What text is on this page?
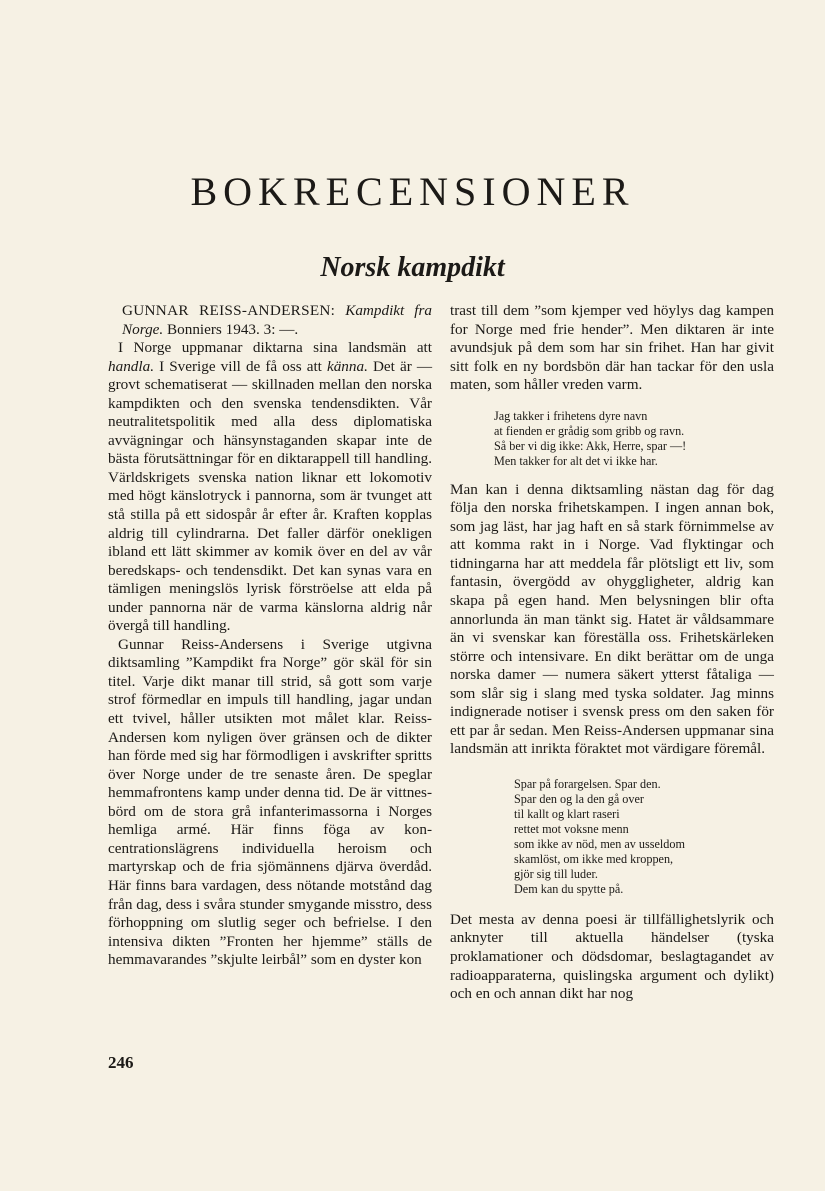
BOKRECENSIONER
Norsk kampdikt

GUNNAR REISS-ANDERSEN: Kampdikt fra Norge. Bonniers 1943. 3: —.

I Norge uppmanar diktarna sina landsmän att handla. I Sverige vill de få oss att känna. Det är — grovt schematiserat — skillnaden mellan den norska kampdikten och den svenska tendensdikten. Vår neutralitetspolitik med alla dess diplomatiska avvägningar och hänsynstaganden skapar inte de bästa förutsättningar för en diktarappell till handling. Världskrigets svenska nation liknar ett lokomotiv med högt känslotryck i pannorna, som är tvunget att stå stilla på ett sidospår år efter år. Kraften kopplas aldrig till cylindrarna. Det faller därför onekligen ibland ett lätt skimmer av komik över en del av vår beredskaps- och tendensdikt. Det kan synas vara en tämligen meningslös lyrisk förströelse att elda på under pannorna när de varma känslorna aldrig når övergå till handling.

Gunnar Reiss-Andersens i Sverige utgivna diktsamling ”Kampdikt fra Norge” gör skäl för sin titel. Varje dikt manar till strid, så gott som varje strof förmedlar en impuls till handling, jagar undan ett tvivel, håller utsikten mot målet klar. Reiss-Andersen kom nyligen över gränsen och de dikter han förde med sig har förmodligen i avskrifter spritts över Norge under de tre senaste åren. De speglar hemmafrontens kamp under denna tid. De är vittnesbörd om de stora grå infanterimassorna i Norges hemliga armé. Här finns föga av koncentrationslägrens individuella heroism och martyrskap och de fria sjömännens djärva överdåd. Här finns bara vardagen, dess nötande motstånd dag från dag, dess i svåra stunder smygande misstro, dess förhoppning om slutlig seger och befrielse. I den intensiva dikten ”Fronten her hjemme” ställs de hemmavarandes ”skjulte leirbål” som en dyster kon

trast till dem ”som kjemper ved höylys dag kampen for Norge med frie hender”. Men diktaren är inte avundsjuk på dem som har sin frihet. Han har givit sitt folk en ny bordsbön där han tackar för den usla maten, som håller vreden varm.

Jag takker i frihetens dyre navn
at fienden er grådig som gribb og ravn.
Så ber vi dig ikke: Akk, Herre, spar —!
Men takker for alt det vi ikke har.

Man kan i denna diktsamling nästan dag för dag följa den norska frihetskampen. I ingen annan bok, som jag läst, har jag haft en så stark förnimmelse av att komma rakt in i Norge. Vad flyktingar och tidningarna har att meddela får plötsligt ett liv, som fantasin, övergödd av ohyggligheter, aldrig kan skapa på egen hand. Men belysningen blir ofta annorlunda än man tänkt sig. Hatet är våldsammare än vi svenskar kan föreställa oss. Frihetskärleken större och intensivare. En dikt berättar om de unga norska damer — numera säkert ytterst fåtaliga — som slår sig i slang med tyska soldater. Jag minns indignerade notiser i svensk press om den saken för ett par år sedan. Men Reiss-Andersen uppmanar sina landsmän att inrikta föraktet mot värdigare föremål.

Spar på forargelsen. Spar den.
Spar den og la den gå over
til kallt og klart raseri
rettet mot voksne menn
som ikke av nöd, men av usseldom
skamlöst, om ikke med kroppen,
gjör sig till luder.
Dem kan du spytte på.

Det mesta av denna poesi är tillfällighetslyrik och anknyter till aktuella händelser (tyska proklamationer och dödsdomar, beslagtagandet av radioapparaterna, quislingska argument och dylikt) och en och annan dikt har nog

246
